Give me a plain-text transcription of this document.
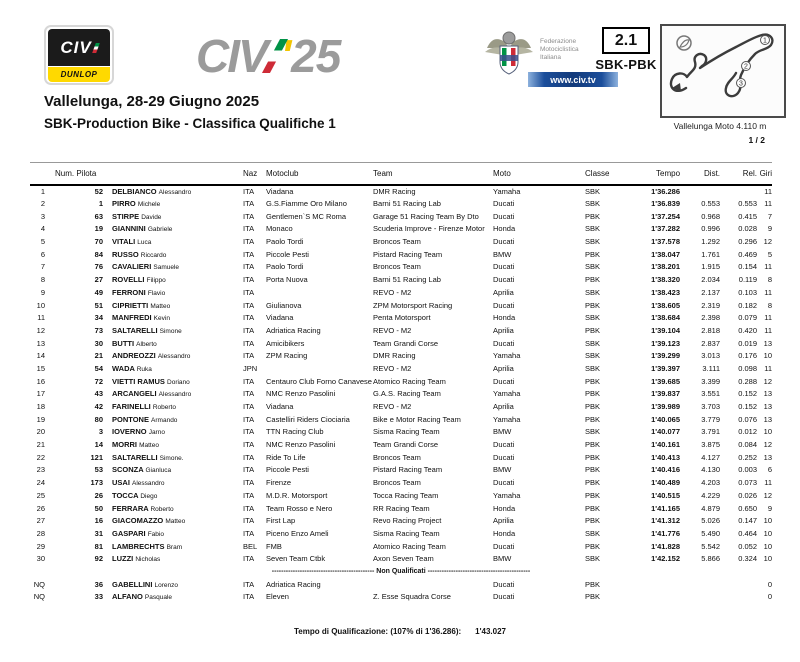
CIV
DUNLOP CIV ' 25	Federazione
Motociclistica
Italiana
www.civ.tv
2.1
SBK-PBK
1
2
3
Vallelunga Moto 4.110 m
1 / 2
Vallelunga, 28-29 Giugno 2025
SBK-Production Bike - Classifica Qualifiche 1
	Num. Pilota		Naz	Motoclub	Team	Moto	Classe	Tempo	Dist.	Rel.	Giri
1	52	DELBIANCO Alessandro	ITA	Viadana	DMR Racing	Yamaha	SBK	1'36.286			11
2	1	PIRRO Michele	ITA	G.S.Fiamme Oro Milano	Barni 51 Racing Lab	Ducati	SBK	1'36.839	0.553	0.553	11
3	63	STIRPE Davide	ITA	Gentlemen`S MC Roma	Garage 51 Racing Team By Dto	Ducati	PBK	1'37.254	0.968	0.415	7
4	19	GIANNINI Gabriele	ITA	Monaco	Scuderia Improve - Firenze Motor	Honda	SBK	1'37.282	0.996	0.028	9
5	70	VITALI Luca	ITA	Paolo Tordi	Broncos Team	Ducati	SBK	1'37.578	1.292	0.296	12
6	84	RUSSO Riccardo	ITA	Piccole Pesti	Pistard Racing Team	BMW	PBK	1'38.047	1.761	0.469	5
7	76	CAVALIERI Samuele	ITA	Paolo Tordi	Broncos Team	Ducati	SBK	1'38.201	1.915	0.154	11
8	27	ROVELLI Filippo	ITA	Porta Nuova	Barni 51 Racing Lab	Ducati	PBK	1'38.320	2.034	0.119	8
9	49	FERRONI Flavio	ITA		REVO - M2	Aprilia	SBK	1'38.423	2.137	0.103	11
10	51	CIPRIETTI Matteo	ITA	Giulianova	ZPM Motorsport Racing	Ducati	PBK	1'38.605	2.319	0.182	8
11	34	MANFREDI Kevin	ITA	Viadana	Penta Motorsport	Honda	SBK	1'38.684	2.398	0.079	11
12	73	SALTARELLI Simone	ITA	Adriatica Racing	REVO - M2	Aprilia	PBK	1'39.104	2.818	0.420	11
13	30	BUTTI Alberto	ITA	Amicibikers	Team Grandi Corse	Ducati	SBK	1'39.123	2.837	0.019	13
14	21	ANDREOZZI Alessandro	ITA	ZPM Racing	DMR Racing	Yamaha	SBK	1'39.299	3.013	0.176	10
15	54	WADA Ruka	JPN		REVO - M2	Aprilia	SBK	1'39.397	3.111	0.098	11
16	72	VIETTI RAMUS Doriano	ITA	Centauro Club Forno Canavese	Atomico Racing Team	Ducati	PBK	1'39.685	3.399	0.288	12
17	43	ARCANGELI Alessandro	ITA	NMC Renzo Pasolini	G.A.S. Racing Team	Yamaha	PBK	1'39.837	3.551	0.152	13
18	42	FARINELLI Roberto	ITA	Viadana	REVO - M2	Aprilia	PBK	1'39.989	3.703	0.152	13
19	80	PONTONE Armando	ITA	Castelliri Riders Ciociaria	Bike e Motor Racing Team	Yamaha	PBK	1'40.065	3.779	0.076	13
20	3	IOVERNO Jarno	ITA	TTN Racing Club	Sisma Racing Team	BMW	SBK	1'40.077	3.791	0.012	10
21	14	MORRI Matteo	ITA	NMC Renzo Pasolini	Team Grandi Corse	Ducati	PBK	1'40.161	3.875	0.084	12
22	121	SALTARELLI Simone.	ITA	Ride To Life	Broncos Team	Ducati	PBK	1'40.413	4.127	0.252	13
23	53	SCONZA Gianluca	ITA	Piccole Pesti	Pistard Racing Team	BMW	PBK	1'40.416	4.130	0.003	6
24	173	USAI Alessandro	ITA	Firenze	Broncos Team	Ducati	PBK	1'40.489	4.203	0.073	11
25	26	TOCCA Diego	ITA	M.D.R. Motorsport	Tocca Racing Team	Yamaha	PBK	1'40.515	4.229	0.026	12
26	50	FERRARA Roberto	ITA	Team Rosso e Nero	RR Racing Team	Honda	PBK	1'41.165	4.879	0.650	9
27	16	GIACOMAZZO Matteo	ITA	First Lap	Revo Racing Project	Aprilia	PBK	1'41.312	5.026	0.147	10
28	31	GASPARI Fabio	ITA	Piceno Enzo Ameli	Sisma Racing Team	Honda	SBK	1'41.776	5.490	0.464	10
29	81	LAMBRECHTS Bram	BEL	FMB	Atomico Racing Team	Ducati	PBK	1'41.828	5.542	0.052	10
30	92	LUZZI Nicholas	ITA	Seven Team Ctbk	Axon Seven Team	BMW	SBK	1'42.152	5.866	0.324	10
-------------------------------------------- Non Qualificati --------------------------------------------											
NQ	36	GABELLINI Lorenzo	ITA	Adriatica Racing		Ducati	PBK				0
NQ	33	ALFANO Pasquale	ITA	Eleven	Z. Esse Squadra Corse	Ducati	PBK				0
Tempo di Qualificazione: (107% di 1'36.286): 1'43.027
